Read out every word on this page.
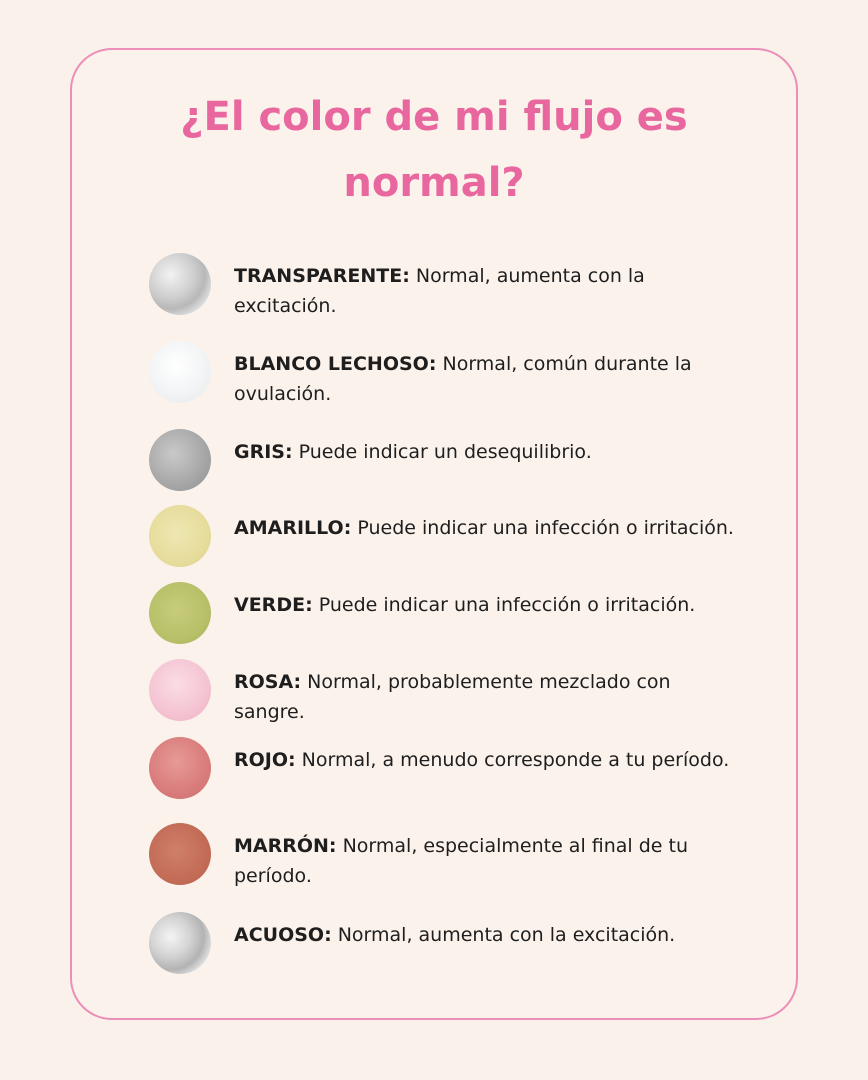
¿El color de mi flujo es normal?
TRANSPARENTE: Normal, aumenta con la excitación.
BLANCO LECHOSO: Normal, común durante la ovulación.
GRIS: Puede indicar un desequilibrio.
AMARILLO: Puede indicar una infección o irritación.
VERDE: Puede indicar una infección o irritación.
ROSA: Normal, probablemente mezclado con sangre.
ROJO: Normal, a menudo corresponde a tu período.
MARRÓN: Normal, especialmente al final de tu período.
ACUOSO: Normal, aumenta con la excitación.
